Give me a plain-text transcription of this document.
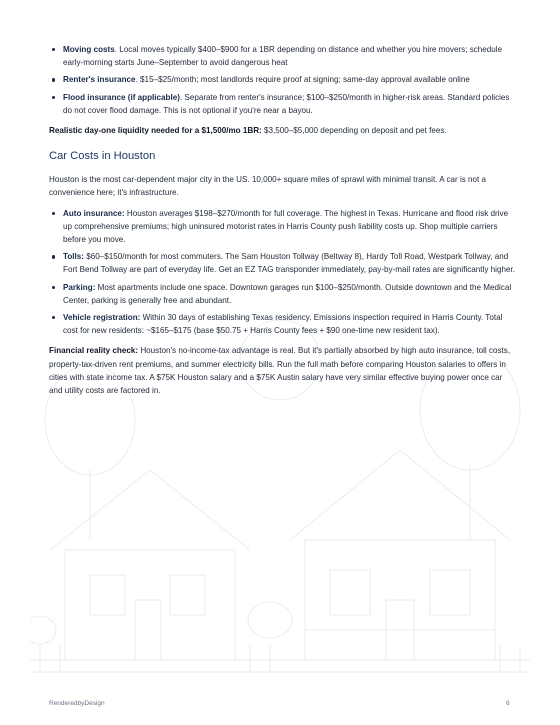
Moving costs. Local moves typically $400–$900 for a 1BR depending on distance and whether you hire movers; schedule early-morning starts June–September to avoid dangerous heat
Renter's insurance. $15–$25/month; most landlords require proof at signing; same-day approval available online
Flood insurance (if applicable). Separate from renter's insurance; $100–$250/month in higher-risk areas. Standard policies do not cover flood damage. This is not optional if you're near a bayou.

Realistic day-one liquidity needed for a $1,500/mo 1BR: $3,500–$5,000 depending on deposit and pet fees.

Car Costs in Houston

Houston is the most car-dependent major city in the US. 10,000+ square miles of sprawl with minimal transit. A car is not a convenience here; it's infrastructure.

Auto insurance: Houston averages $198–$270/month for full coverage. The highest in Texas. Hurricane and flood risk drive up comprehensive premiums; high uninsured motorist rates in Harris County push liability costs up. Shop multiple carriers before you move.
Tolls: $60–$150/month for most commuters. The Sam Houston Tollway (Beltway 8), Hardy Toll Road, Westpark Tollway, and Fort Bend Tollway are part of everyday life. Get an EZ TAG transponder immediately, pay-by-mail rates are significantly higher.
Parking: Most apartments include one space. Downtown garages run $100–$250/month. Outside downtown and the Medical Center, parking is generally free and abundant.
Vehicle registration: Within 30 days of establishing Texas residency. Emissions inspection required in Harris County. Total cost for new residents: ~$165–$175 (base $50.75 + Harris County fees + $90 one-time new resident tax).

Financial reality check: Houston's no-income-tax advantage is real. But it's partially absorbed by high auto insurance, toll costs, property-tax-driven rent premiums, and summer electricity bills. Run the full math before comparing Houston salaries to offers in cities with state income tax. A $75K Houston salary and a $75K Austin salary have very similar effective buying power once car and utility costs are factored in.

RenderedbyDesign	6
